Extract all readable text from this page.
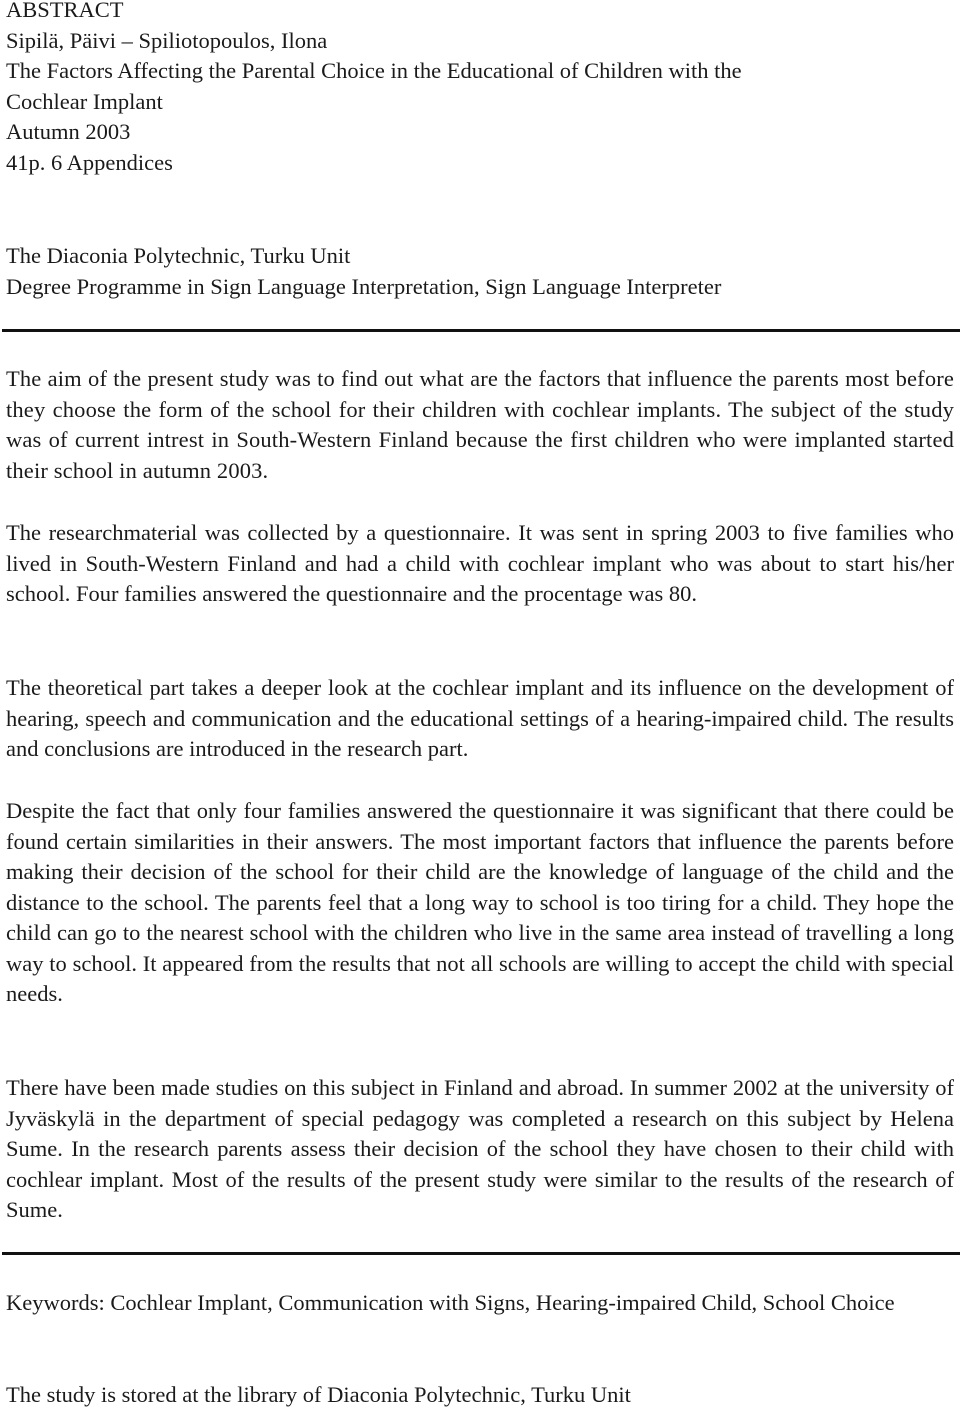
ABSTRACT
Sipilä, Päivi – Spiliotopoulos, Ilona
The Factors Affecting the Parental Choice in the Educational of Children with the
Cochlear Implant
Autumn 2003
41p. 6 Appendices
The Diaconia Polytechnic, Turku Unit
Degree Programme in Sign Language Interpretation, Sign Language Interpreter
The aim of the present study was to find out what are the factors that influence the parents most before they choose the form of the school for their children with cochlear implants. The subject of the study was of current intrest in South-Western Finland because the first children who were implanted started their school in autumn 2003.
The researchmaterial was collected by a questionnaire. It was sent in spring 2003 to five families who lived in South-Western Finland and had a child with cochlear implant who was about to start his/her school. Four families answered the questionnaire and the procentage was 80.
The theoretical part takes a deeper look at the cochlear implant and its influence on the development of hearing, speech and communication and the educational settings of a hearing-impaired child. The results and conclusions are introduced in the research part.
Despite the fact that only four families answered the questionnaire it was significant that there could be found certain similarities in their answers. The most important factors that influence the parents before making their decision of the school for their child are the knowledge of language of the child and the distance to the school. The parents feel that a long way to school is too tiring for a child. They hope the child can go to the nearest school with the children who live in the same area instead of travelling a long way to school. It appeared from the results that not all schools are willing to accept the child with special needs.
There have been made studies on this subject in Finland and abroad. In summer 2002 at the university of Jyväskylä in the department of special pedagogy was completed a research on this subject by Helena Sume. In the research parents assess their decision of the school they have chosen to their child with cochlear implant. Most of the results of the present study were similar to the results of the research of Sume.
Keywords: Cochlear Implant, Communication with Signs, Hearing-impaired Child, School Choice
The study is stored at the library of Diaconia Polytechnic, Turku Unit
